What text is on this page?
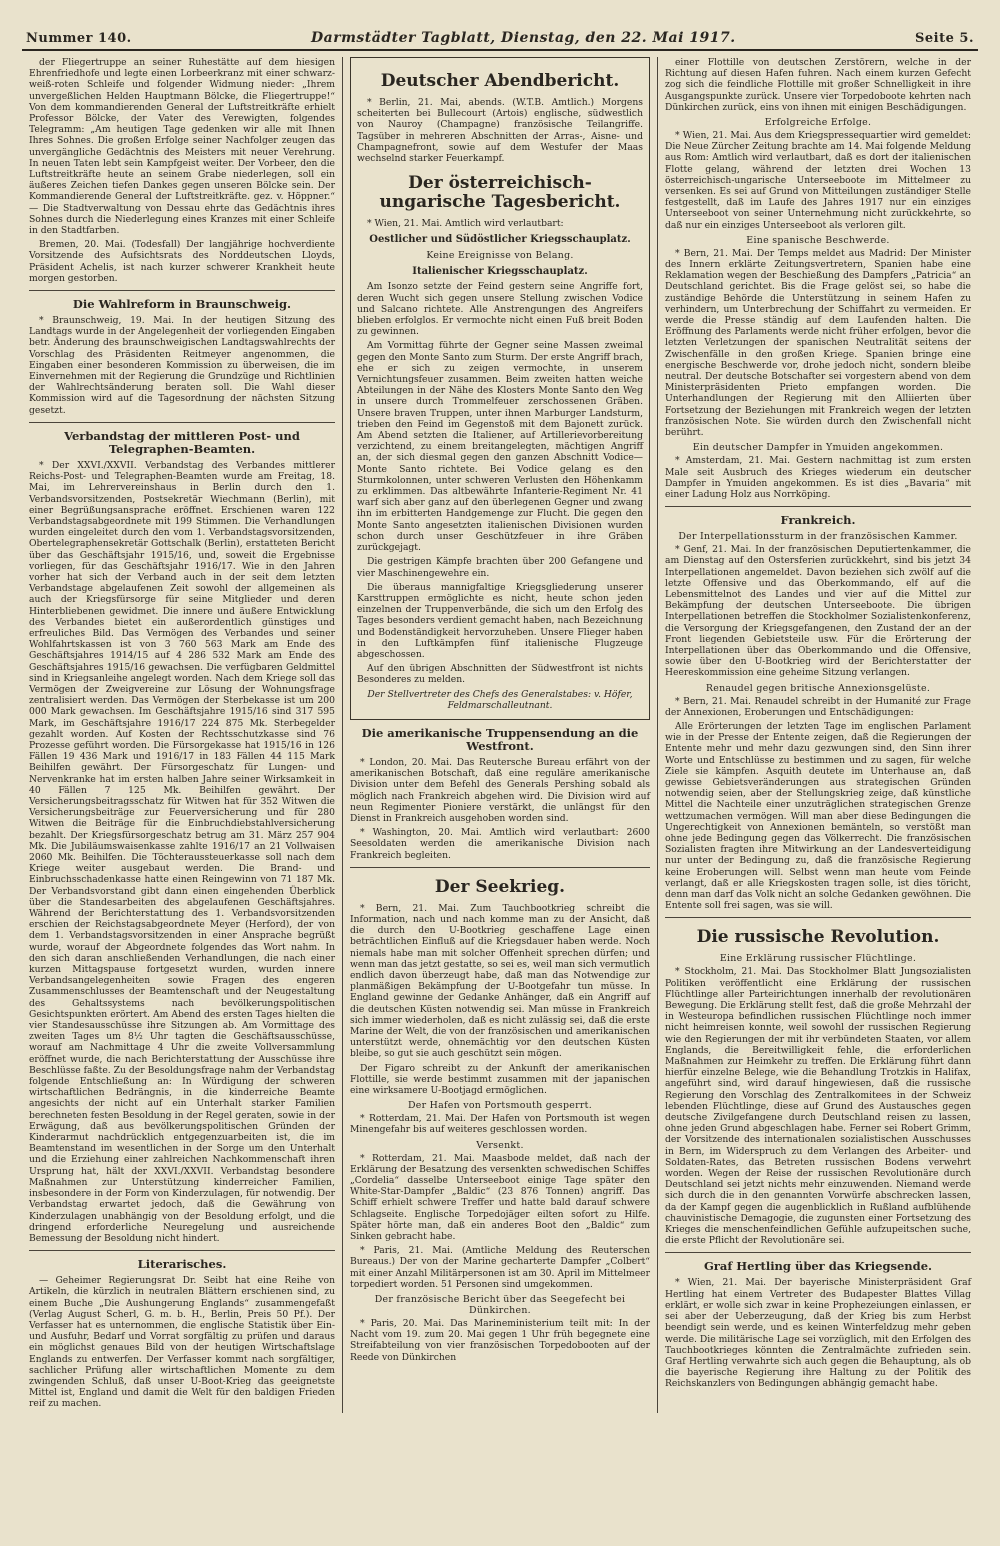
Nummer 140.	Darmstädter Tagblatt, Dienstag, den 22. Mai 1917.	Seite 5.

der Fliegertruppe an seiner Ruhestätte auf dem hiesigen Ehrenfriedhofe und legte einen Lorbeerkranz mit einer schwarz-weiß-roten Schleife und folgender Widmung nieder: „Ihrem unvergeßlichen Helden Hauptmann Bölcke, die Fliegertruppe!“ Von dem kommandierenden General der Luftstreitkräfte erhielt Professor Bölcke, der Vater des Verewigten, folgendes Telegramm: „Am heutigen Tage gedenken wir alle mit Ihnen Ihres Sohnes. Die großen Erfolge seiner Nachfolger zeugen das unvergängliche Gedächtnis des Meisters mit neuer Verehrung. In neuen Taten lebt sein Kampfgeist weiter. Der Vorbeer, den die Luftstreitkräfte heute an seinem Grabe niederlegen, soll ein äußeres Zeichen tiefen Dankes gegen unseren Bölcke sein. Der Kommandierende General der Luftstreitkräfte. gez. v. Höppner.“ — Die Stadtverwaltung von Dessau ehrte das Gedächtnis ihres Sohnes durch die Niederlegung eines Kranzes mit einer Schleife in den Stadtfarben.

Bremen, 20. Mai. (Todesfall) Der langjährige hochverdiente Vorsitzende des Aufsichtsrats des Norddeutschen Lloyds, Präsident Achelis, ist nach kurzer schwerer Krankheit heute morgen gestorben.

Die Wahlreform in Braunschweig.

* Braunschweig, 19. Mai. In der heutigen Sitzung des Landtags wurde in der Angelegenheit der vorliegenden Eingaben betr. Änderung des braunschweigischen Landtagswahlrechts der Vorschlag des Präsidenten Reitmeyer angenommen, die Eingaben einer besonderen Kommission zu überweisen, die im Einvernehmen mit der Regierung die Grundzüge und Richtlinien der Wahlrechtsänderung beraten soll. Die Wahl dieser Kommission wird auf die Tagesordnung der nächsten Sitzung gesetzt.

Verbandstag der mittleren Post- und Telegraphen-Beamten.

* Der XXVI./XXVII. Verbandstag des Verbandes mittlerer Reichs-Post- und Telegraphen-Beamten wurde am Freitag, 18. Mai, im Lehrervereinshaus in Berlin durch den 1. Verbandsvorsitzenden, Postsekretär Wiechmann (Berlin), mit einer Begrüßungsansprache eröffnet. Erschienen waren 122 Verbandstagsabgeordnete mit 199 Stimmen. Die Verhandlungen wurden eingeleitet durch den vom 1. Verbandstagsvorsitzenden, Obertelegraphensekretär Gottschalk (Berlin), erstatteten Bericht über das Geschäftsjahr 1915/16, und, soweit die Ergebnisse vorliegen, für das Geschäftsjahr 1916/17. Wie in den Jahren vorher hat sich der Verband auch in der seit dem letzten Verbandstage abgelaufenen Zeit sowohl der allgemeinen als auch der Kriegsfürsorge für seine Mitglieder und deren Hinterbliebenen gewidmet. Die innere und äußere Entwicklung des Verbandes bietet ein außerordentlich günstiges und erfreuliches Bild. Das Vermögen des Verbandes und seiner Wohlfahrtskassen ist von 3 760 563 Mark am Ende des Geschäftsjahres 1914/15 auf 4 286 532 Mark am Ende des Geschäftsjahres 1915/16 gewachsen. Die verfügbaren Geldmittel sind in Kriegsanleihe angelegt worden. Nach dem Kriege soll das Vermögen der Zweigvereine zur Lösung der Wohnungsfrage zentralisiert werden. Das Vermögen der Sterbekasse ist um 200 000 Mark gewachsen. Im Geschäftsjahre 1915/16 sind 317 595 Mark, im Geschäftsjahre 1916/17 224 875 Mk. Sterbegelder gezahlt worden. Auf Kosten der Rechtsschutzkasse sind 76 Prozesse geführt worden. Die Fürsorgekasse hat 1915/16 in 126 Fällen 19 436 Mark und 1916/17 in 183 Fällen 44 115 Mark Beihilfen gewährt. Der Fürsorgeschatz für Lungen- und Nervenkranke hat im ersten halben Jahre seiner Wirksamkeit in 40 Fällen 7 125 Mk. Beihilfen gewährt. Der Versicherungsbeitragsschatz für Witwen hat für 352 Witwen die Versicherungsbeiträge zur Feuerversicherung und für 280 Witwen die Beiträge für die Einbruchdiebstahlversicherung bezahlt. Der Kriegsfürsorgeschatz betrug am 31. März 257 904 Mk. Die Jubiläumswaisenkasse zahlte 1916/17 an 21 Vollwaisen 2060 Mk. Beihilfen. Die Töchteraussteuerkasse soll nach dem Kriege weiter ausgebaut werden. Die Brand- und Einbruchsschadenkasse hatte einen Reingewinn von 71 187 Mk. Der Verbandsvorstand gibt dann einen eingehenden Überblick über die Standesarbeiten des abgelaufenen Geschäftsjahres. Während der Berichterstattung des 1. Verbandsvorsitzenden erschien der Reichstagsabgeordnete Meyer (Herford), der von dem 1. Verbandstagsvorsitzenden in einer Ansprache begrüßt wurde, worauf der Abgeordnete folgendes das Wort nahm. In den sich daran anschließenden Verhandlungen, die nach einer kurzen Mittagspause fortgesetzt wurden, wurden innere Verbandsangelegenheiten sowie Fragen des engeren Zusammenschlusses der Beamtenschaft und der Neugestaltung des Gehaltssystems nach bevölkerungspolitischen Gesichtspunkten erörtert. Am Abend des ersten Tages hielten die vier Standesausschüsse ihre Sitzungen ab. Am Vormittage des zweiten Tages um 8½ Uhr tagten die Geschäftsausschüsse, worauf am Nachmittage 4 Uhr die zweite Vollversammlung eröffnet wurde, die nach Berichterstattung der Ausschüsse ihre Beschlüsse faßte. Zu der Besoldungsfrage nahm der Verbandstag folgende Entschließung an: In Würdigung der schweren wirtschaftlichen Bedrängnis, in die kinderreiche Beamte angesichts der nicht auf ein Unterhalt starker Familien berechneten festen Besoldung in der Regel geraten, sowie in der Erwägung, daß aus bevölkerungspolitischen Gründen der Kinderarmut nachdrücklich entgegenzuarbeiten ist, die im Beamtenstand im wesentlichen in der Sorge um den Unterhalt und die Erziehung einer zahlreichen Nachkommenschaft ihren Ursprung hat, hält der XXVI./XXVII. Verbandstag besondere Maßnahmen zur Unterstützung kinderreicher Familien, insbesondere in der Form von Kinderzulagen, für notwendig. Der Verbandstag erwartet jedoch, daß die Gewährung von Kinderzulagen unabhängig von der Besoldung erfolgt, und die dringend erforderliche Neuregelung und ausreichende Bemessung der Besoldung nicht hindert.

Literarisches.

— Geheimer Regierungsrat Dr. Seibt hat eine Reihe von Artikeln, die kürzlich in neutralen Blättern erschienen sind, zu einem Buche „Die Aushungerung Englands“ zusammengefaßt (Verlag August Scherl, G. m. b. H., Berlin, Preis 50 Pf.). Der Verfasser hat es unternommen, die englische Statistik über Ein- und Ausfuhr, Bedarf und Vorrat sorgfältig zu prüfen und daraus ein möglichst genaues Bild von der heutigen Wirtschaftslage Englands zu entwerfen. Der Verfasser kommt nach sorgfältiger, sachlicher Prüfung aller wirtschaftlichen Momente zu dem zwingenden Schluß, daß unser U-Boot-Krieg das geeignetste Mittel ist, England und damit die Welt für den baldigen Frieden reif zu machen.

Deutscher Abendbericht.

* Berlin, 21. Mai, abends. (W.T.B. Amtlich.) Morgens scheiterten bei Bullecourt (Artois) englische, südwestlich von Nauroy (Champagne) französische Teilangriffe. Tagsüber in mehreren Abschnitten der Arras-, Aisne- und Champagnefront, sowie auf dem Westufer der Maas wechselnd starker Feuerkampf.

Der österreichisch-ungarische Tagesbericht.

* Wien, 21. Mai. Amtlich wird verlautbart:

Oestlicher und Südöstlicher Kriegsschauplatz.
Keine Ereignisse von Belang.
Italienischer Kriegsschauplatz.

Am Isonzo setzte der Feind gestern seine Angriffe fort, deren Wucht sich gegen unsere Stellung zwischen Vodice und Salcano richtete. Alle Anstrengungen des Angreifers blieben erfolglos. Er vermochte nicht einen Fuß breit Boden zu gewinnen.

Am Vormittag führte der Gegner seine Massen zweimal gegen den Monte Santo zum Sturm. Der erste Angriff brach, ehe er sich zu zeigen vermochte, in unserem Vernichtungsfeuer zusammen. Beim zweiten hatten weiche Abteilungen in der Nähe des Klosters Monte Santo den Weg in unsere durch Trommelfeuer zerschossenen Gräben. Unsere braven Truppen, unter ihnen Marburger Landsturm, trieben den Feind im Gegenstoß mit dem Bajonett zurück. Am Abend setzten die Italiener, auf Artillerievorbereitung verzichtend, zu einem breitangelegten, mächtigen Angriff an, der sich diesmal gegen den ganzen Abschnitt Vodice—Monte Santo richtete. Bei Vodice gelang es den Sturmkolonnen, unter schweren Verlusten den Höhenkamm zu erklimmen. Das altbewährte Infanterie-Regiment Nr. 41 warf sich aber ganz auf den überlegenen Gegner und zwang ihn im erbitterten Handgemenge zur Flucht. Die gegen den Monte Santo angesetzten italienischen Divisionen wurden schon durch unser Geschützfeuer in ihre Gräben zurückgejagt.

Die gestrigen Kämpfe brachten über 200 Gefangene und vier Maschinengewehre ein.

Die überaus mannigfaltige Kriegsgliederung unserer Karsttruppen ermöglichte es nicht, heute schon jeden einzelnen der Truppenverbände, die sich um den Erfolg des Tages besonders verdient gemacht haben, nach Bezeichnung und Bodenständigkeit hervorzuheben. Unsere Flieger haben in den Luftkämpfen fünf italienische Flugzeuge abgeschossen.

Auf den übrigen Abschnitten der Südwestfront ist nichts Besonderes zu melden.

Der Stellvertreter des Chefs des Generalstabes: v. Höfer, Feldmarschalleutnant.
Die amerikanische Truppensendung an die Westfront.

* London, 20. Mai. Das Reutersche Bureau erfährt von der amerikanischen Botschaft, daß eine reguläre amerikanische Division unter dem Befehl des Generals Pershing sobald als möglich nach Frankreich abgehen wird. Die Division wird auf neun Regimenter Pioniere verstärkt, die unlängst für den Dienst in Frankreich ausgehoben worden sind.

* Washington, 20. Mai. Amtlich wird verlautbart: 2600 Seesoldaten werden die amerikanische Division nach Frankreich begleiten.

Der Seekrieg.

* Bern, 21. Mai. Zum Tauchbootkrieg schreibt die Information, nach und nach komme man zu der Ansicht, daß die durch den U-Bootkrieg geschaffene Lage einen beträchtlichen Einfluß auf die Kriegsdauer haben werde. Noch niemals habe man mit solcher Offenheit sprechen dürfen; und wenn man das jetzt gestatte, so sei es, weil man sich vermutlich endlich davon überzeugt habe, daß man das Notwendige zur planmäßigen Bekämpfung der U-Bootgefahr tun müsse. In England gewinne der Gedanke Anhänger, daß ein Angriff auf die deutschen Küsten notwendig sei. Man müsse in Frankreich sich immer wiederholen, daß es nicht zulässig sei, daß die erste Marine der Welt, die von der französischen und amerikanischen unterstützt werde, ohnemächtig vor den deutschen Küsten bleibe, so gut sie auch geschützt sein mögen.

Der Figaro schreibt zu der Ankunft der amerikanischen Flottille, sie werde bestimmt zusammen mit der japanischen eine wirksamere U-Bootjagd ermöglichen.

Der Hafen von Portsmouth gesperrt.

* Rotterdam, 21. Mai. Der Hafen von Portsmouth ist wegen Minengefahr bis auf weiteres geschlossen worden.

Versenkt.

* Rotterdam, 21. Mai. Maasbode meldet, daß nach der Erklärung der Besatzung des versenkten schwedischen Schiffes „Cordelia“ dasselbe Unterseeboot einige Tage später den White-Star-Dampfer „Baldic“ (23 876 Tonnen) angriff. Das Schiff erhielt schwere Treffer und hatte bald darauf schwere Schlagseite. Englische Torpedojäger eilten sofort zu Hilfe. Später hörte man, daß ein anderes Boot den „Baldic“ zum Sinken gebracht habe.

* Paris, 21. Mai. (Amtliche Meldung des Reuterschen Bureaus.) Der von der Marine gecharterte Dampfer „Colbert“ mit einer Anzahl Militärpersonen ist am 30. April im Mittelmeer torpediert worden. 51 Personen sind umgekommen.

Der französische Bericht über das Seegefecht bei Dünkirchen.

* Paris, 20. Mai. Das Marineministerium teilt mit: In der Nacht vom 19. zum 20. Mai gegen 1 Uhr früh begegnete eine Streifabteilung von vier französischen Torpedobooten auf der Reede von Dünkirchen

einer Flottille von deutschen Zerstörern, welche in der Richtung auf diesen Hafen fuhren. Nach einem kurzen Gefecht zog sich die feindliche Flottille mit großer Schnelligkeit in ihre Ausgangspunkte zurück. Unsere vier Torpedoboote kehrten nach Dünkirchen zurück, eins von ihnen mit einigen Beschädigungen.

Erfolgreiche Erfolge.

* Wien, 21. Mai. Aus dem Kriegspressequartier wird gemeldet: Die Neue Zürcher Zeitung brachte am 14. Mai folgende Meldung aus Rom: Amtlich wird verlautbart, daß es dort der italienischen Flotte gelang, während der letzten drei Wochen 13 österreichisch-ungarische Unterseeboote im Mittelmeer zu versenken. Es sei auf Grund von Mitteilungen zuständiger Stelle festgestellt, daß im Laufe des Jahres 1917 nur ein einziges Unterseeboot von seiner Unternehmung nicht zurückkehrte, so daß nur ein einziges Unterseeboot als verloren gilt.

Eine spanische Beschwerde.

* Bern, 21. Mai. Der Temps meldet aus Madrid: Der Minister des Innern erklärte Zeitungsvertretern, Spanien habe eine Reklamation wegen der Beschießung des Dampfers „Patricia“ an Deutschland gerichtet. Bis die Frage gelöst sei, so habe die zuständige Behörde die Unterstützung in seinem Hafen zu verhindern, um Unterbrechung der Schiffahrt zu vermeiden. Er werde die Presse ständig auf dem Laufenden halten. Die Eröffnung des Parlaments werde nicht früher erfolgen, bevor die letzten Verletzungen der spanischen Neutralität seitens der Zwischenfälle in den großen Kriege. Spanien bringe eine energische Beschwerde vor, drohe jedoch nicht, sondern bleibe neutral. Der deutsche Botschafter sei vorgestern abend von dem Ministerpräsidenten Prieto empfangen worden. Die Unterhandlungen der Regierung mit den Alliierten über Fortsetzung der Beziehungen mit Frankreich wegen der letzten französischen Note. Sie würden durch den Zwischenfall nicht berührt.

Ein deutscher Dampfer in Ymuiden angekommen.

* Amsterdam, 21. Mai. Gestern nachmittag ist zum ersten Male seit Ausbruch des Krieges wiederum ein deutscher Dampfer in Ymuiden angekommen. Es ist dies „Bavaria“ mit einer Ladung Holz aus Norrköping.

Frankreich.
Der Interpellationssturm in der französischen Kammer.

* Genf, 21. Mai. In der französischen Deputiertenkammer, die am Dienstag auf den Ostersferien zurückkehrt, sind bis jetzt 34 Interpellationen angemeldet. Davon beziehen sich zwölf auf die letzte Offensive und das Oberkommando, elf auf die Lebensmittelnot des Landes und vier auf die Mittel zur Bekämpfung der deutschen Unterseeboote. Die übrigen Interpellationen betreffen die Stockholmer Sozialistenkonferenz, die Versorgung der Kriegsgefangenen, den Zustand der an der Front liegenden Gebietsteile usw. Für die Erörterung der Interpellationen über das Oberkommando und die Offensive, sowie über den U-Bootkrieg wird der Berichterstatter der Heereskommission eine geheime Sitzung verlangen.

Renaudel gegen britische Annexionsgelüste.

* Bern, 21. Mai. Renaudel schreibt in der Humanité zur Frage der Annexionen, Eroberungen und Entschädigungen:

Alle Erörterungen der letzten Tage im englischen Parlament wie in der Presse der Entente zeigen, daß die Regierungen der Entente mehr und mehr dazu gezwungen sind, den Sinn ihrer Worte und Entschlüsse zu bestimmen und zu sagen, für welche Ziele sie kämpfen. Asquith deutete im Unterhause an, daß gewisse Gebietsveränderungen aus strategischen Gründen notwendig seien, aber der Stellungskrieg zeige, daß künstliche Mittel die Nachteile einer unzuträglichen strategischen Grenze wettzumachen vermögen. Will man aber diese Bedingungen die Ungerechtigkeit von Annexionen bemänteln, so verstößt man ohne jede Bedingung gegen das Völkerrecht. Die französischen Sozialisten fragten ihre Mitwirkung an der Landesverteidigung nur unter der Bedingung zu, daß die französische Regierung keine Eroberungen will. Selbst wenn man heute vom Feinde verlangt, daß er alle Kriegskosten tragen solle, ist dies töricht, denn man darf das Volk nicht an solche Gedanken gewöhnen. Die Entente soll frei sagen, was sie will.

Die russische Revolution.
Eine Erklärung russischer Flüchtlinge.

* Stockholm, 21. Mai. Das Stockholmer Blatt Jungsozialisten Politiken veröffentlicht eine Erklärung der russischen Flüchtlinge aller Parteirichtungen innerhalb der revolutionären Bewegung. Die Erklärung stellt fest, daß die große Mehrzahl der in Westeuropa befindlichen russischen Flüchtlinge noch immer nicht heimreisen konnte, weil sowohl der russischen Regierung wie den Regierungen der mit ihr verbündeten Staaten, vor allem Englands, die Bereitwilligkeit fehle, die erforderlichen Maßnahmen zur Heimkehr zu treffen. Die Erklärung führt dann hierfür einzelne Belege, wie die Behandlung Trotzkis in Halifax, angeführt sind, wird darauf hingewiesen, daß die russische Regierung den Vorschlag des Zentralkomitees in der Schweiz lebenden Flüchtlinge, diese auf Grund des Austausches gegen deutsche Zivilgefangene durch Deutschland reisen zu lassen, ohne jeden Grund abgeschlagen habe. Ferner sei Robert Grimm, der Vorsitzende des internationalen sozialistischen Ausschusses in Bern, im Widerspruch zu dem Verlangen des Arbeiter- und Soldaten-Rates, das Betreten russischen Bodens verwehrt worden. Wegen der Reise der russischen Revolutionäre durch Deutschland sei jetzt nichts mehr einzuwenden. Niemand werde sich durch die in den genannten Vorwürfe abschrecken lassen, da der Kampf gegen die augenblicklich in Rußland aufblühende chauvinistische Demagogie, die zugunsten einer Fortsetzung des Krieges die menschenfeindlichen Gefühle aufzupeitschen suche, die erste Pflicht der Revolutionäre sei.

Graf Hertling über das Kriegsende.

* Wien, 21. Mai. Der bayerische Ministerpräsident Graf Hertling hat einem Vertreter des Budapester Blattes Villag erklärt, er wolle sich zwar in keine Prophezeiungen einlassen, er sei aber der Ueberzeugung, daß der Krieg bis zum Herbst beendigt sein werde, und es keinen Winterfeldzug mehr geben werde. Die militärische Lage sei vorzüglich, mit den Erfolgen des Tauchbootkrieges könnten die Zentralmächte zufrieden sein. Graf Hertling verwahrte sich auch gegen die Behauptung, als ob die bayerische Regierung ihre Haltung zu der Politik des Reichskanzlers von Bedingungen abhängig gemacht habe.
